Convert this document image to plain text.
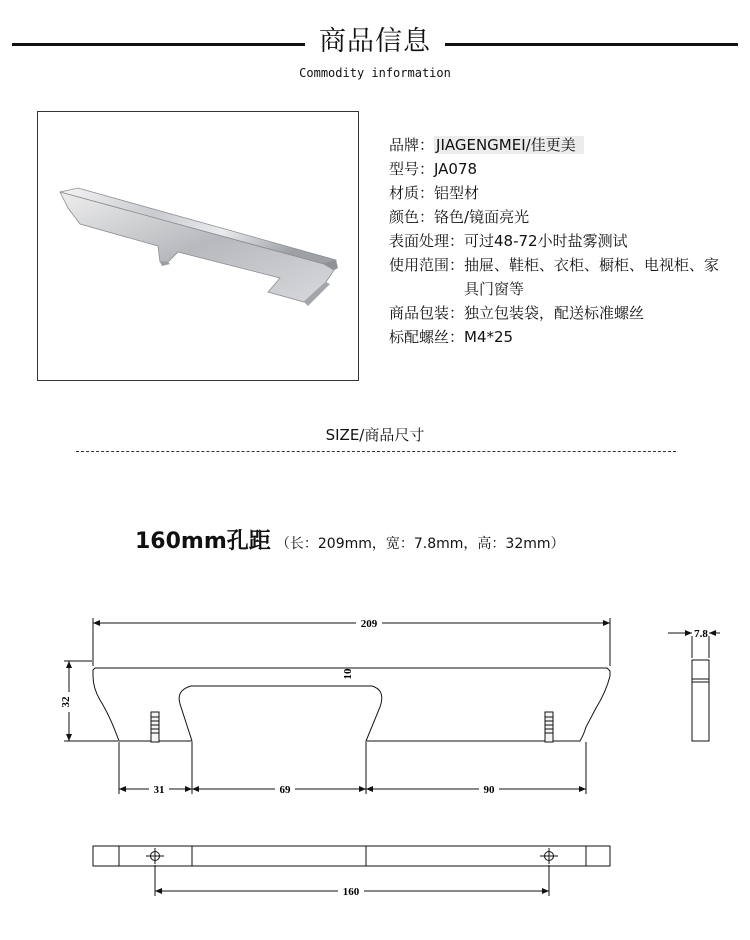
商品信息
Commodity information
品牌： JIAGENGMEI/佳更美
型号： JA078
材质： 铝型材
颜色： 铬色/镜面亮光
表面处理： 可过48-72小时盐雾测试
使用范围： 抽屉、鞋柜、衣柜、橱柜、电视柜、家具门窗等
商品包装： 独立包装袋，配送标准螺丝
标配螺丝： M4*25
SIZE/商品尺寸
160mm孔距 （长：209mm，宽：7.8mm，高：32mm）
209
32
10
31	69	90
7.8
160
